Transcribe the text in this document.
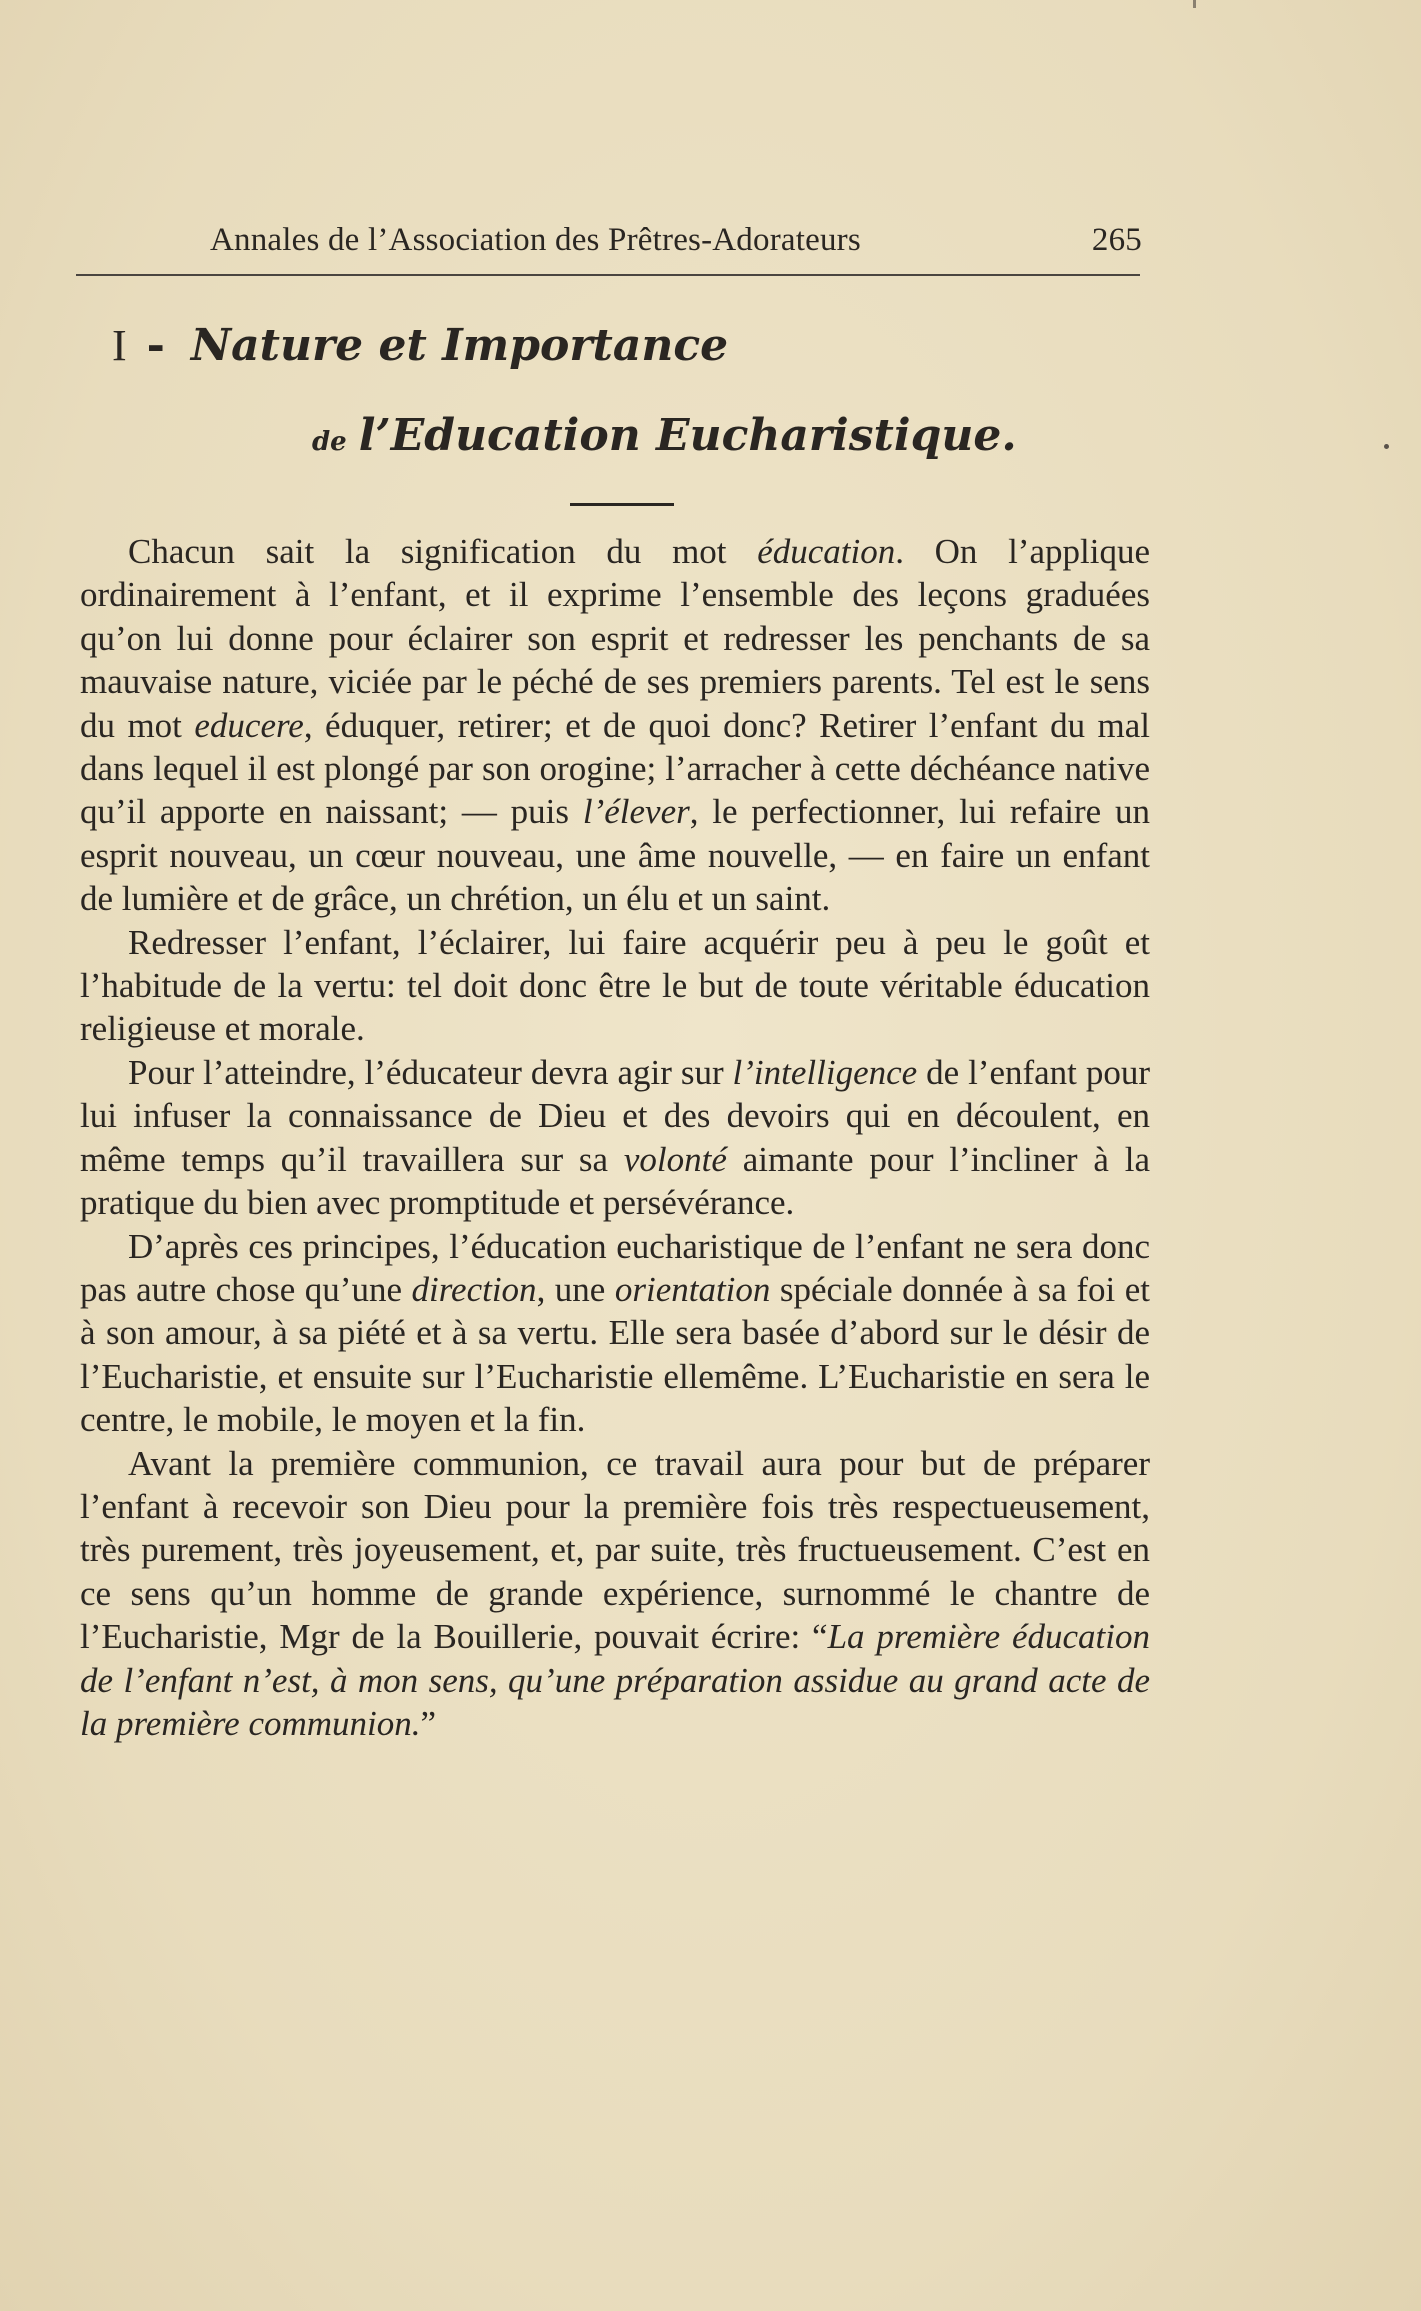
Annales de l’Association des Prêtres-Adorateurs	265
I - Nature et Importance
de l’Education Eucharistique.

Chacun sait la signification du mot éducation. On l’applique ordinairement à l’enfant, et il exprime l’ensemble des leçons graduées qu’on lui donne pour éclairer son esprit et redresser les penchants de sa mauvaise nature, viciée par le péché de ses premiers parents. Tel est le sens du mot educere, éduquer, retirer; et de quoi donc? Retirer l’enfant du mal dans lequel il est plongé par son orogine; l’arracher à cette déchéance native qu’il apporte en naissant; — puis l’élever, le perfectionner, lui refaire un esprit nouveau, un cœur nouveau, une âme nouvelle, — en faire un enfant de lumière et de grâce, un chrétion, un élu et un saint.

Redresser l’enfant, l’éclairer, lui faire acquérir peu à peu le goût et l’habitude de la vertu: tel doit donc être le but de toute véritable éducation religieuse et morale.

Pour l’atteindre, l’éducateur devra agir sur l’intelligence de l’enfant pour lui infuser la connaissance de Dieu et des devoirs qui en découlent, en même temps qu’il travaillera sur sa volonté aimante pour l’incliner à la pratique du bien avec promptitude et persévérance.

D’après ces principes, l’éducation eucharistique de l’enfant ne sera donc pas autre chose qu’une direction, une orientation spéciale donnée à sa foi et à son amour, à sa piété et à sa vertu. Elle sera basée d’abord sur le désir de l’Eucharistie, et ensuite sur l’Eucharistie ellemême. L’Eucharistie en sera le centre, le mobile, le moyen et la fin.

Avant la première communion, ce travail aura pour but de préparer l’enfant à recevoir son Dieu pour la première fois très respectueusement, très purement, très joyeusement, et, par suite, très fructueusement. C’est en ce sens qu’un homme de grande expérience, surnommé le chantre de l’Eucharistie, Mgr de la Bouillerie, pouvait écrire: “La première éducation de l’enfant n’est, à mon sens, qu’une préparation assidue au grand acte de la première communion.”
